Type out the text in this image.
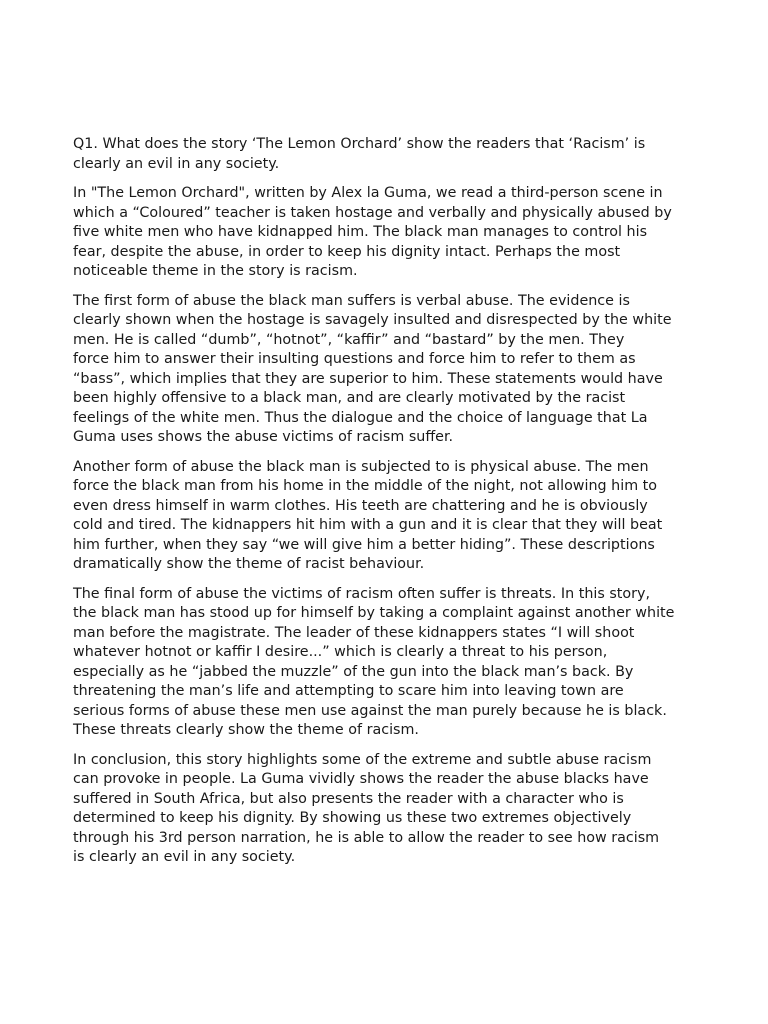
Q1. What does the story ‘The Lemon Orchard’ show the readers that ‘Racism’ is
clearly an evil in any society.

In "The Lemon Orchard", written by Alex la Guma, we read a third-person scene in
which a “Coloured” teacher is taken hostage and verbally and physically abused by
five white men who have kidnapped him. The black man manages to control his
fear, despite the abuse, in order to keep his dignity intact. Perhaps the most
noticeable theme in the story is racism.

The first form of abuse the black man suffers is verbal abuse. The evidence is
clearly shown when the hostage is savagely insulted and disrespected by the white
men. He is called “dumb”, “hotnot”, “kaffir” and “bastard” by the men. They
force him to answer their insulting questions and force him to refer to them as
“bass”, which implies that they are superior to him. These statements would have
been highly offensive to a black man, and are clearly motivated by the racist
feelings of the white men. Thus the dialogue and the choice of language that La
Guma uses shows the abuse victims of racism suffer.

Another form of abuse the black man is subjected to is physical abuse. The men
force the black man from his home in the middle of the night, not allowing him to
even dress himself in warm clothes. His teeth are chattering and he is obviously
cold and tired. The kidnappers hit him with a gun and it is clear that they will beat
him further, when they say “we will give him a better hiding”. These descriptions
dramatically show the theme of racist behaviour.

The final form of abuse the victims of racism often suffer is threats. In this story,
the black man has stood up for himself by taking a complaint against another white
man before the magistrate. The leader of these kidnappers states “I will shoot
whatever hotnot or kaffir I desire...” which is clearly a threat to his person,
especially as he “jabbed the muzzle” of the gun into the black man’s back. By
threatening the man’s life and attempting to scare him into leaving town are
serious forms of abuse these men use against the man purely because he is black.
These threats clearly show the theme of racism.

In conclusion, this story highlights some of the extreme and subtle abuse racism
can provoke in people. La Guma vividly shows the reader the abuse blacks have
suffered in South Africa, but also presents the reader with a character who is
determined to keep his dignity. By showing us these two extremes objectively
through his 3rd person narration, he is able to allow the reader to see how racism
is clearly an evil in any society.
